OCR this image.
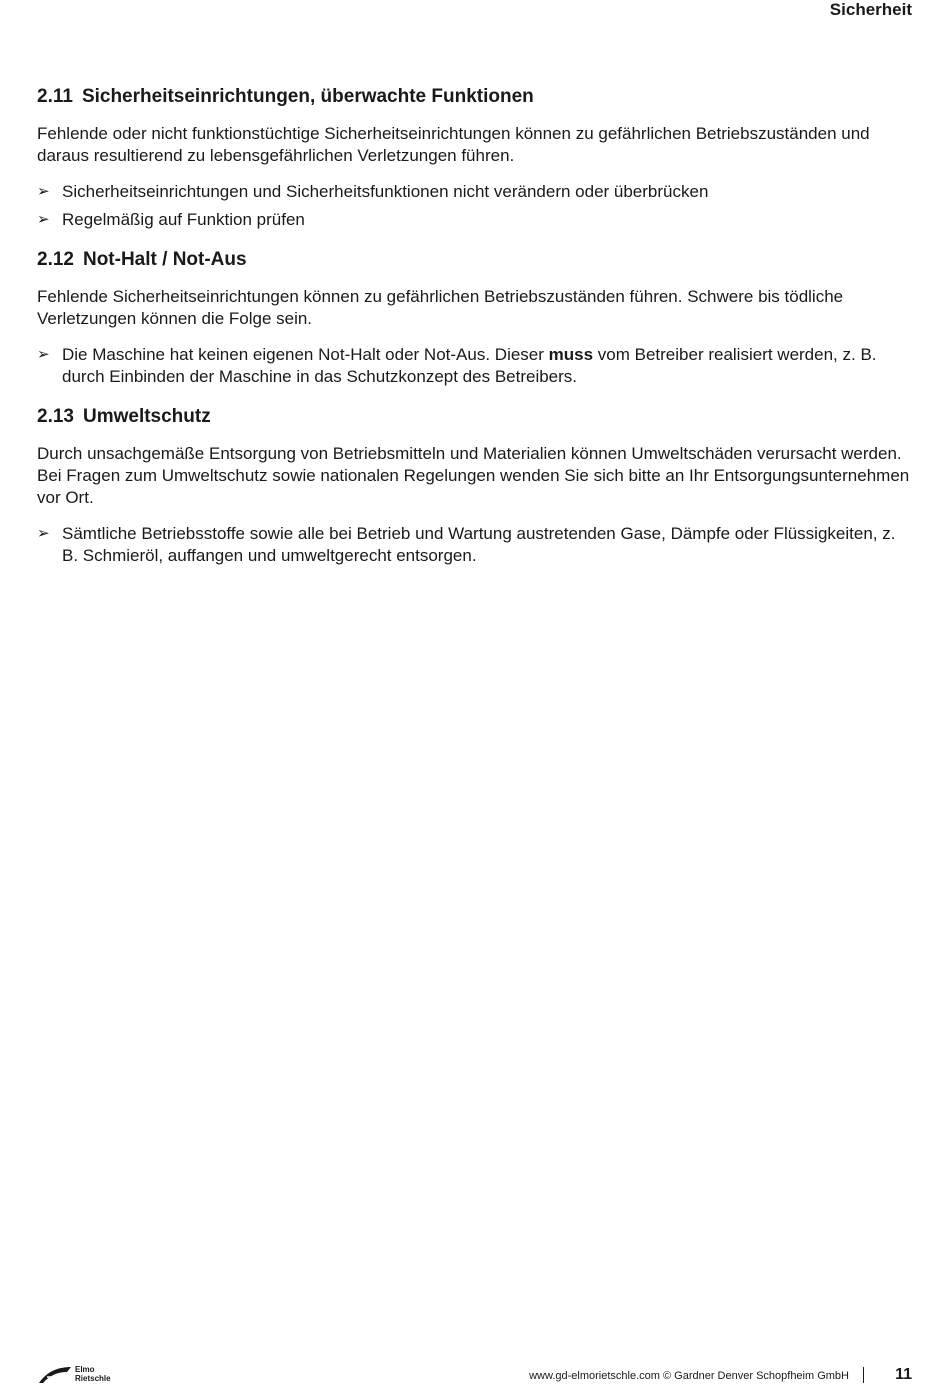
Sicherheit
2.11 Sicherheitseinrichtungen, überwachte Funktionen

Fehlende oder nicht funktionstüchtige Sicherheitseinrichtungen können zu gefährlichen Betriebszuständen und daraus resultierend zu lebensgefährlichen Verletzungen führen.

➢ Sicherheitseinrichtungen und Sicherheitsfunktionen nicht verändern oder überbrücken
➢ Regelmäßig auf Funktion prüfen
2.12 Not-Halt / Not-Aus

Fehlende Sicherheitseinrichtungen können zu gefährlichen Betriebszuständen führen. Schwere bis tödliche Verletzungen können die Folge sein.

➢ Die Maschine hat keinen eigenen Not-Halt oder Not-Aus. Dieser muss vom Betreiber realisiert werden, z. B. durch Einbinden der Maschine in das Schutzkonzept des Betreibers.
2.13 Umweltschutz

Durch unsachgemäße Entsorgung von Betriebsmitteln und Materialien können Umweltschäden verursacht werden. Bei Fragen zum Umweltschutz sowie nationalen Regelungen wenden Sie sich bitte an Ihr Entsorgungsunternehmen vor Ort.

➢ Sämtliche Betriebsstoffe sowie alle bei Betrieb und Wartung austretenden Gase, Dämpfe oder Flüssigkeiten, z. B. Schmieröl, auffangen und umweltgerecht entsorgen.
Elmo
Rietschle	www.gd-elmorietschle.com © Gardner Denver Schopfheim GmbH	11
